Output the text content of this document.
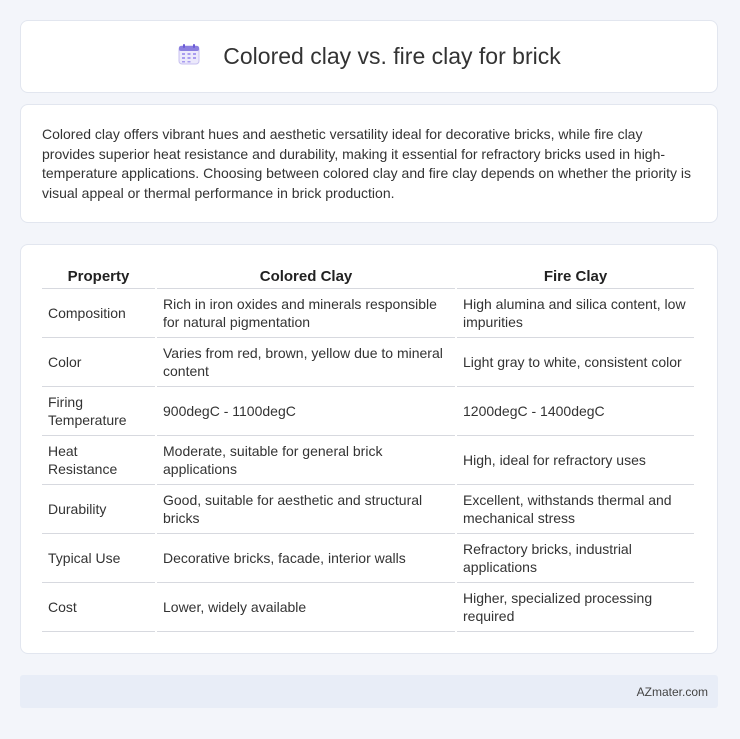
Colored clay vs. fire clay for brick

Colored clay offers vibrant hues and aesthetic versatility ideal for decorative bricks, while fire clay provides superior heat resistance and durability, making it essential for refractory bricks used in high-temperature applications. Choosing between colored clay and fire clay depends on whether the priority is visual appeal or thermal performance in brick production.

Property	Colored Clay	Fire Clay
Composition	Rich in iron oxides and minerals responsible for natural pigmentation	High alumina and silica content, low impurities
Color	Varies from red, brown, yellow due to mineral content	Light gray to white, consistent color
Firing Temperature	900degC - 1100degC	1200degC - 1400degC
Heat Resistance	Moderate, suitable for general brick applications	High, ideal for refractory uses
Durability	Good, suitable for aesthetic and structural bricks	Excellent, withstands thermal and mechanical stress
Typical Use	Decorative bricks, facade, interior walls	Refractory bricks, industrial applications
Cost	Lower, widely available	Higher, specialized processing required
AZmater.com
